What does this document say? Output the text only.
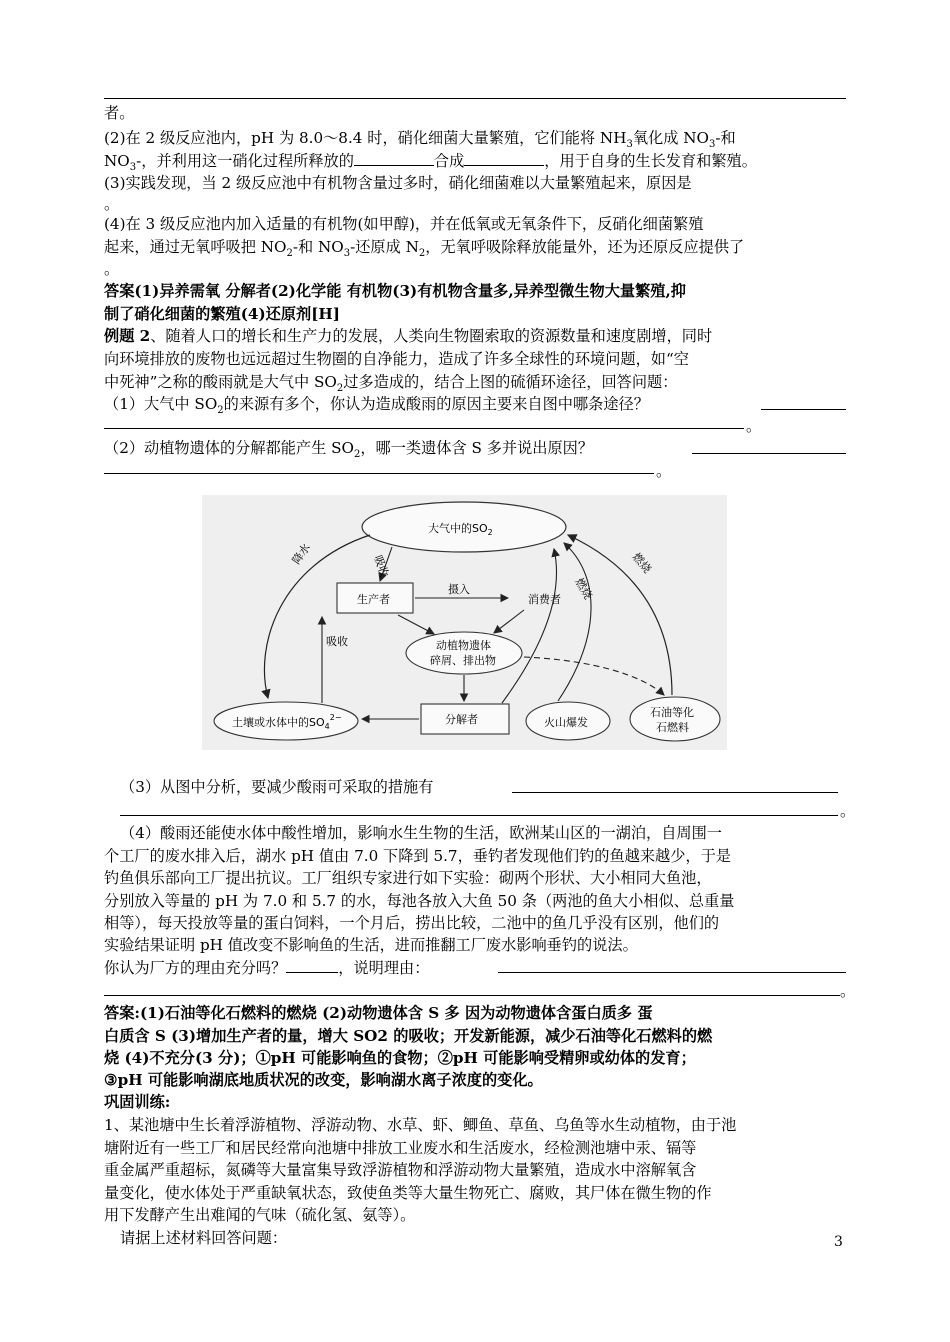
者。
(2)在 2 级反应池内，pH 为 8.0～8.4 时，硝化细菌大量繁殖，它们能将 $NH_3$氧化成 $NO_3-$和
$NO_3-$，并利用这一硝化过程所释放的	合成	，用于自身的生长发育和繁殖。
(3)实践发现，当 2 级反应池中有机物含量过多时，硝化细菌难以大量繁殖起来，原因是
。
(4)在 3 级反应池内加入适量的有机物(如甲醇)，并在低氧或无氧条件下，反硝化细菌繁殖
起来，通过无氧呼吸把 $NO_2-$和 $NO_3-$还原成 $N_2$，无氧呼吸除释放能量外，还为还原反应提供了
。
答案(1)异养需氧 分解者(2)化学能 有机物(3)有机物含量多,异养型微生物大量繁殖,抑
制了硝化细菌的繁殖(4)还原剂[H]
例题 2、随着人口的增长和生产力的发展，人类向生物圈索取的资源数量和速度剧增，同时
向环境排放的废物也远远超过生物圈的自净能力，造成了许多全球性的环境问题，如“空
中死神”之称的酸雨就是大气中 $SO_2$过多造成的，结合上图的硫循环途径，回答问题：
（1）大气中 $SO_2$的来源有多个，你认为造成酸雨的原因主要来自图中哪条途径？
。
（2）动植物遗体的分解都能产生 $SO_2$，哪一类遗体含 S 多并说出原因？
。
大气中的$SO_2$
生产者	消费者
摄入
动植物遗体
碎屑、排出物
分解者
土壤或水体中的$SO_4^{2-}$
吸收
降水	吸收
火山爆发
燃烧
石油等化
石燃料
燃烧
（3）从图中分析，要减少酸雨可采取的措施有
。
（4）酸雨还能使水体中酸性增加，影响水生生物的生活，欧洲某山区的一湖泊，自周围一
个工厂的废水排入后，湖水 pH 值由 7.0 下降到 5.7，垂钓者发现他们钓的鱼越来越少，于是
钓鱼俱乐部向工厂提出抗议。工厂组织专家进行如下实验：砌两个形状、大小相同大鱼池，
分别放入等量的 pH 为 7.0 和 5.7 的水，每池各放入大鱼 50 条（两池的鱼大小相似、总重量
相等），每天投放等量的蛋白饲料，一个月后，捞出比较，二池中的鱼几乎没有区别，他们的
实验结果证明 pH 值改变不影响鱼的生活，进而推翻工厂废水影响垂钓的说法。
你认为厂方的理由充分吗？	，说明理由：
。
答案:(1)石油等化石燃料的燃烧 (2)动物遗体含 S 多 因为动物遗体含蛋白质多 蛋
白质含 S (3)增加生产者的量，增大 SO2 的吸收；开发新能源，减少石油等化石燃料的燃
烧 (4)不充分(3 分)；①pH 可能影响鱼的食物；②pH 可能影响受精卵或幼体的发育；
③pH 可能影响湖底地质状况的改变，影响湖水离子浓度的变化。
巩固训练:
1、某池塘中生长着浮游植物、浮游动物、水草、虾、鲫鱼、草鱼、乌鱼等水生动植物，由于池
塘附近有一些工厂和居民经常向池塘中排放工业废水和生活废水，经检测池塘中汞、镉等
重金属严重超标，氮磷等大量富集导致浮游植物和浮游动物大量繁殖，造成水中溶解氧含
量变化，使水体处于严重缺氧状态，致使鱼类等大量生物死亡、腐败，其尸体在微生物的作
用下发酵产生出难闻的气味（硫化氢、氨等）。
请据上述材料回答问题：	3
